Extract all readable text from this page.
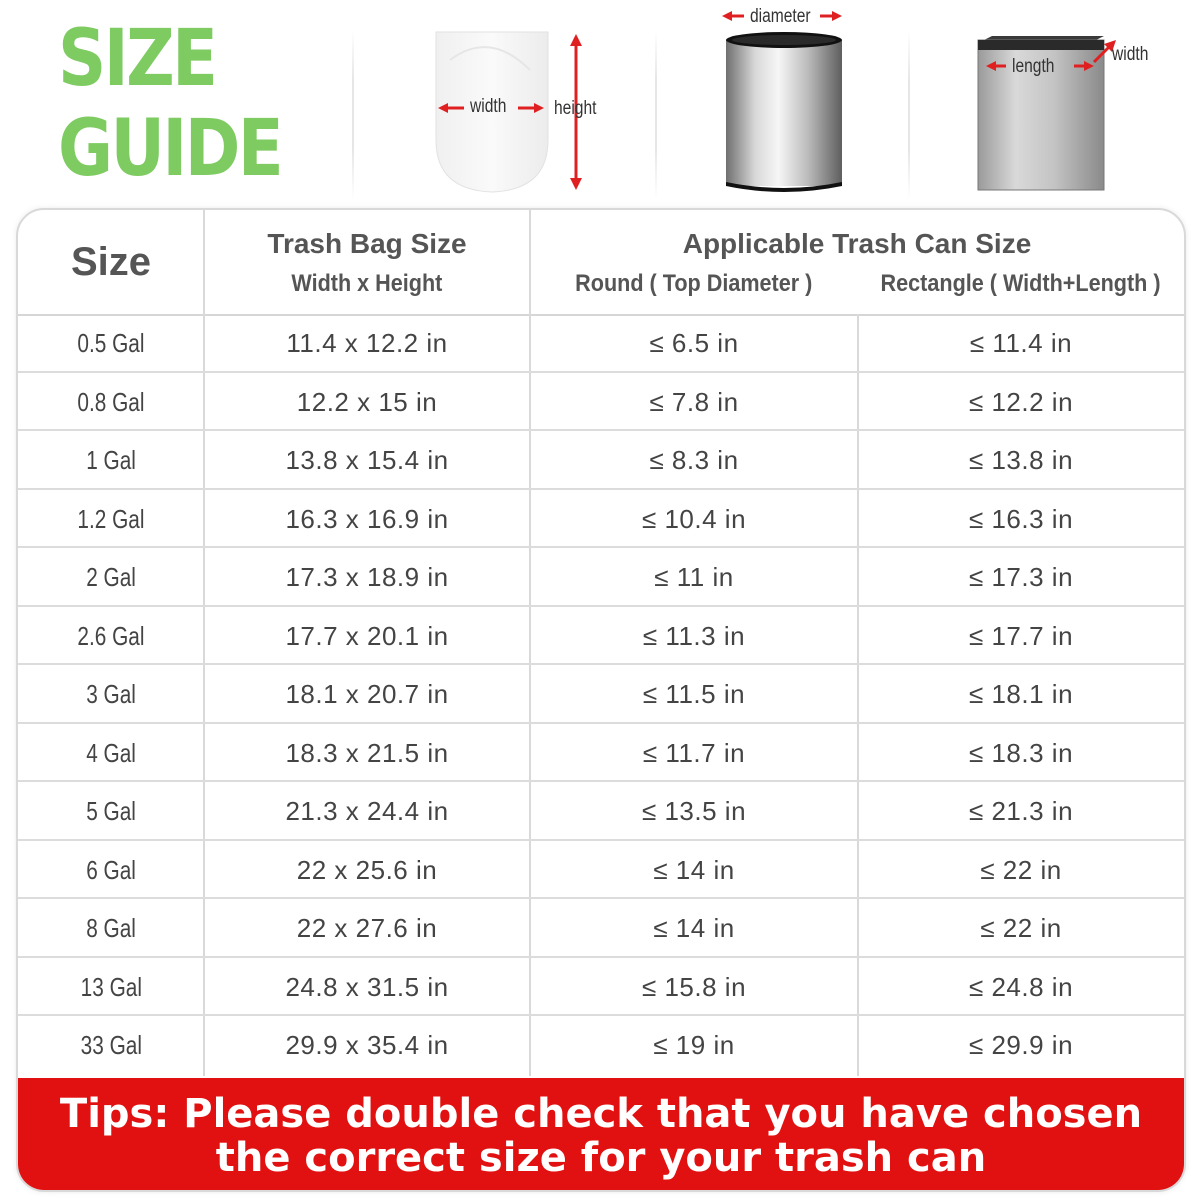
SIZE
GUIDE	width	height
diameter
length
width
Size	Trash Bag Size
Width x Height
Applicable Trash Can Size
Round ( Top Diameter )	Rectangle ( Width+Length )
0.5 Gal	11.4 x 12.2 in	≤ 6.5 in	≤ 11.4 in
0.8 Gal	12.2 x 15 in	≤ 7.8 in	≤ 12.2 in
1 Gal	13.8 x 15.4 in	≤ 8.3 in	≤ 13.8 in
1.2 Gal	16.3 x 16.9 in	≤ 10.4 in	≤ 16.3 in
2 Gal	17.3 x 18.9 in	≤ 11 in	≤ 17.3 in
2.6 Gal	17.7 x 20.1 in	≤ 11.3 in	≤ 17.7 in
3 Gal	18.1 x 20.7 in	≤ 11.5 in	≤ 18.1 in
4 Gal	18.3 x 21.5 in	≤ 11.7 in	≤ 18.3 in
5 Gal	21.3 x 24.4 in	≤ 13.5 in	≤ 21.3 in
6 Gal	22 x 25.6 in	≤ 14 in	≤ 22 in
8 Gal	22 x 27.6 in	≤ 14 in	≤ 22 in
13 Gal	24.8 x 31.5 in	≤ 15.8 in	≤ 24.8 in
33 Gal	29.9 x 35.4 in	≤ 19 in	≤ 29.9 in
Tips: Please double check that you have chosen
the correct size for your trash can
